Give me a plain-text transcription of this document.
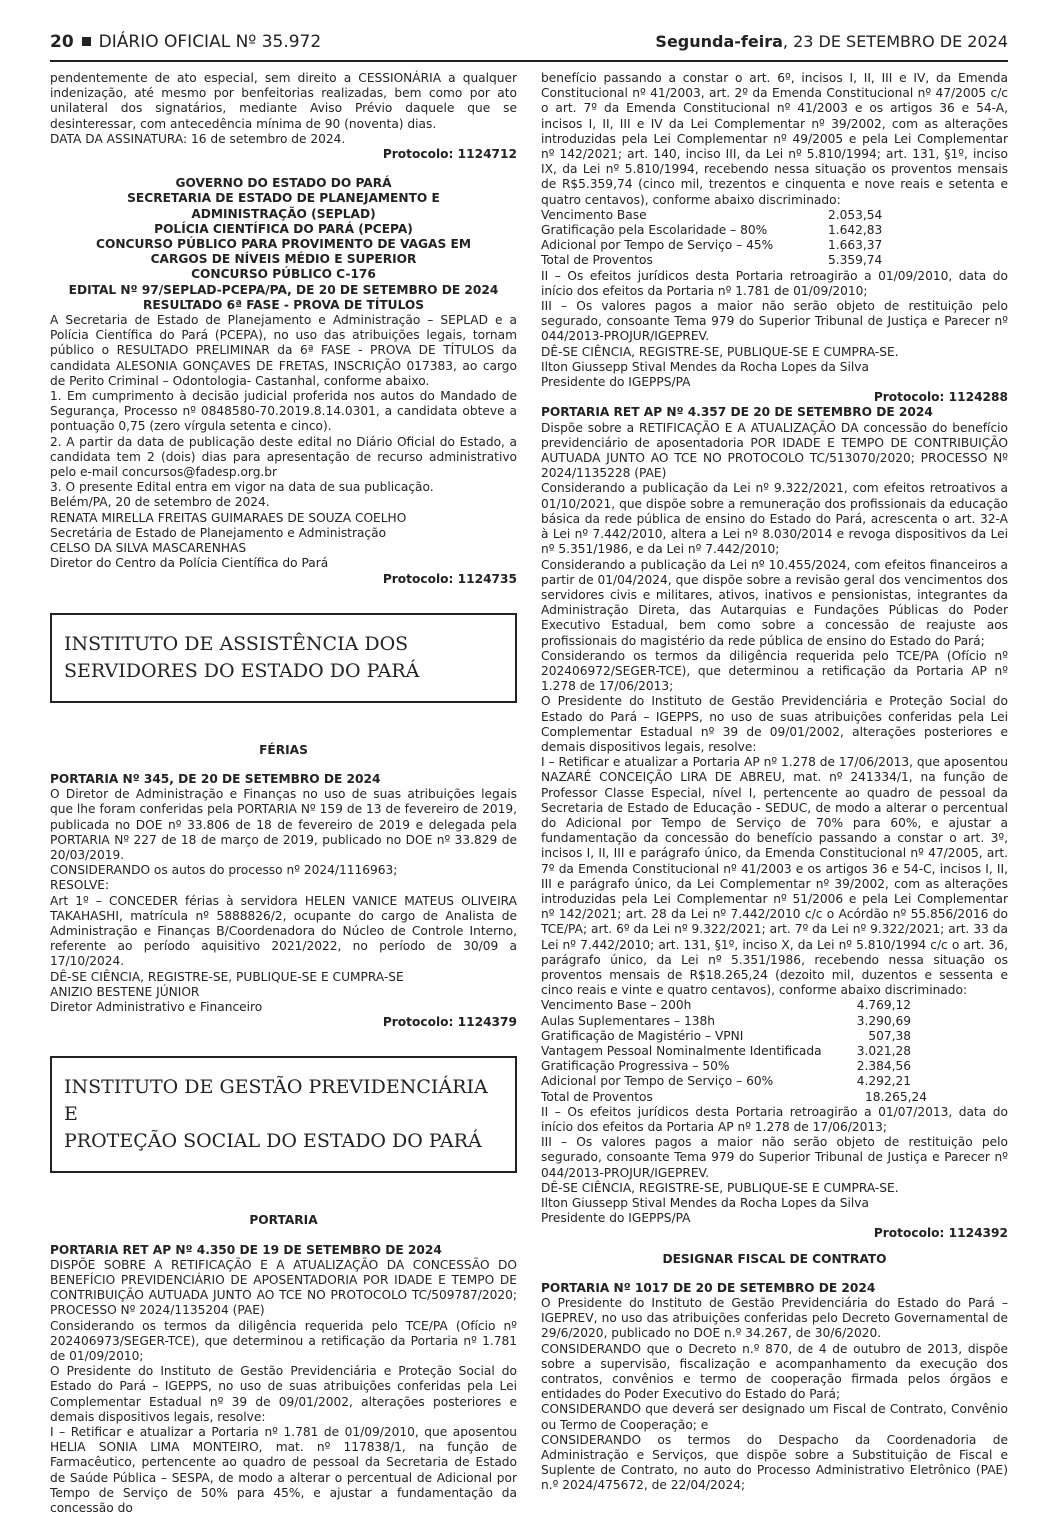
20 DIÁRIO OFICIAL Nº 35.972	Segunda-feira, 23 DE SETEMBRO DE 2024

pendentemente de ato especial, sem direito a CESSIONÁRIA a qualquer indenização, até mesmo por benfeitorias realizadas, bem como por ato unilateral dos signatários, mediante Aviso Prévio daquele que se desinteressar, com antecedência mínima de 90 (noventa) dias.

DATA DA ASSINATURA: 16 de setembro de 2024.

Protocolo: 1124712

GOVERNO DO ESTADO DO PARÁ

SECRETARIA DE ESTADO DE PLANEJAMENTO E ADMINISTRAÇÃO (SEPLAD)

POLÍCIA CIENTÍFICA DO PARÁ (PCEPA)

CONCURSO PÚBLICO PARA PROVIMENTO DE VAGAS EM CARGOS DE NÍVEIS MÉDIO E SUPERIOR

CONCURSO PÚBLICO C-176

EDITAL Nº 97/SEPLAD-PCEPA/PA, DE 20 DE SETEMBRO DE 2024

RESULTADO 6ª FASE - PROVA DE TÍTULOS

A Secretaria de Estado de Planejamento e Administração – SEPLAD e a Polícia Científica do Pará (PCEPA), no uso das atribuições legais, tornam público o RESULTADO PRELIMINAR da 6ª FASE - PROVA DE TÍTULOS da candidata ALESONIA GONÇAVES DE FRETAS, INSCRIÇÃO 017383, ao cargo de Perito Criminal – Odontologia- Castanhal, conforme abaixo.

1. Em cumprimento à decisão judicial proferida nos autos do Mandado de Segurança, Processo nº 0848580-70.2019.8.14.0301, a candidata obteve a pontuação 0,75 (zero vírgula setenta e cinco).

2. A partir da data de publicação deste edital no Diário Oficial do Estado, a candidata tem 2 (dois) dias para apresentação de recurso administrativo pelo e-mail concursos@fadesp.org.br

3. O presente Edital entra em vigor na data de sua publicação.

Belém/PA, 20 de setembro de 2024.

RENATA MIRELLA FREITAS GUIMARAES DE SOUZA COELHO

Secretária de Estado de Planejamento e Administração

CELSO DA SILVA MASCARENHAS

Diretor do Centro da Polícia Científica do Pará

Protocolo: 1124735

INSTITUTO DE ASSISTÊNCIA DOS
SERVIDORES DO ESTADO DO PARÁ

FÉRIAS

PORTARIA Nº 345, DE 20 DE SETEMBRO DE 2024

O Diretor de Administração e Finanças no uso de suas atribuições legais que lhe foram conferidas pela PORTARIA Nº 159 de 13 de fevereiro de 2019, publicada no DOE nº 33.806 de 18 de fevereiro de 2019 e delegada pela PORTARIA Nº 227 de 18 de março de 2019, publicado no DOE nº 33.829 de 20/03/2019.

CONSIDERANDO os autos do processo nº 2024/1116963;

RESOLVE:

Art 1º – CONCEDER férias à servidora HELEN VANICE MATEUS OLIVEIRA TAKAHASHI, matrícula nº 5888826/2, ocupante do cargo de Analista de Administração e Finanças B/Coordenadora do Núcleo de Controle Interno, referente ao período aquisitivo 2021/2022, no período de 30/09 a 17/10/2024.

DÊ-SE CIÊNCIA, REGISTRE-SE, PUBLIQUE-SE E CUMPRA-SE

ANIZIO BESTENE JÚNIOR

Diretor Administrativo e Financeiro

Protocolo: 1124379

INSTITUTO DE GESTÃO PREVIDENCIÁRIA E
PROTEÇÃO SOCIAL DO ESTADO DO PARÁ

PORTARIA

PORTARIA RET AP Nº 4.350 DE 19 DE SETEMBRO DE 2024

DISPÕE SOBRE A RETIFICAÇÃO E A ATUALIZAÇÃO DA CONCESSÃO DO BENEFÍCIO PREVIDENCIÁRIO DE APOSENTADORIA POR IDADE E TEMPO DE CONTRIBUIÇÃO AUTUADA JUNTO AO TCE NO PROTOCOLO TC/509787/2020; PROCESSO Nº 2024/1135204 (PAE)

Considerando os termos da diligência requerida pelo TCE/PA (Ofício nº 202406973/SEGER-TCE), que determinou a retificação da Portaria nº 1.781 de 01/09/2010;

O Presidente do Instituto de Gestão Previdenciária e Proteção Social do Estado do Pará – IGEPPS, no uso de suas atribuições conferidas pela Lei Complementar Estadual nº 39 de 09/01/2002, alterações posteriores e demais dispositivos legais, resolve:

I – Retificar e atualizar a Portaria nº 1.781 de 01/09/2010, que aposentou HELIA SONIA LIMA MONTEIRO, mat. nº 117838/1, na função de Farmacêutico, pertencente ao quadro de pessoal da Secretaria de Estado de Saúde Pública – SESPA, de modo a alterar o percentual de Adicional por Tempo de Serviço de 50% para 45%, e ajustar a fundamentação da concessão do

benefício passando a constar o art. 6º, incisos I, II, III e IV, da Emenda Constitucional nº 41/2003, art. 2º da Emenda Constitucional nº 47/2005 c/c o art. 7º da Emenda Constitucional nº 41/2003 e os artigos 36 e 54-A, incisos I, II, III e IV da Lei Complementar nº 39/2002, com as alterações introduzidas pela Lei Complementar nº 49/2005 e pela Lei Complementar nº 142/2021; art. 140, inciso III, da Lei nº 5.810/1994; art. 131, §1º, inciso IX, da Lei nº 5.810/1994, recebendo nessa situação os proventos mensais de R$5.359,74 (cinco mil, trezentos e cinquenta e nove reais e setenta e quatro centavos), conforme abaixo discriminado:

Vencimento Base	2.053,54
Gratificação pela Escolaridade – 80%	1.642,83
Adicional por Tempo de Serviço – 45%	1.663,37
Total de Proventos	5.359,74

II – Os efeitos jurídicos desta Portaria retroagirão a 01/09/2010, data do início dos efeitos da Portaria nº 1.781 de 01/09/2010;

III – Os valores pagos a maior não serão objeto de restituição pelo segurado, consoante Tema 979 do Superior Tribunal de Justiça e Parecer nº 044/2013-PROJUR/IGEPREV.

DÊ-SE CIÊNCIA, REGISTRE-SE, PUBLIQUE-SE E CUMPRA-SE.

Ilton Giussepp Stival Mendes da Rocha Lopes da Silva

Presidente do IGEPPS/PA

Protocolo: 1124288

PORTARIA RET AP Nº 4.357 DE 20 DE SETEMBRO DE 2024

Dispõe sobre a RETIFICAÇÃO E A ATUALIZAÇÃO DA concessão do benefício previdenciário de aposentadoria POR IDADE E TEMPO DE CONTRIBUIÇÃO AUTUADA JUNTO AO TCE NO PROTOCOLO TC/513070/2020; PROCESSO Nº 2024/1135228 (PAE)

Considerando a publicação da Lei nº 9.322/2021, com efeitos retroativos a 01/10/2021, que dispõe sobre a remuneração dos profissionais da educação básica da rede pública de ensino do Estado do Pará, acrescenta o art. 32-A à Lei nº 7.442/2010, altera a Lei nº 8.030/2014 e revoga dispositivos da Lei nº 5.351/1986, e da Lei nº 7.442/2010;

Considerando a publicação da Lei nº 10.455/2024, com efeitos financeiros a partir de 01/04/2024, que dispõe sobre a revisão geral dos vencimentos dos servidores civis e militares, ativos, inativos e pensionistas, integrantes da Administração Direta, das Autarquias e Fundações Públicas do Poder Executivo Estadual, bem como sobre a concessão de reajuste aos profissionais do magistério da rede pública de ensino do Estado do Pará;

Considerando os termos da diligência requerida pelo TCE/PA (Ofício nº 202406972/SEGER-TCE), que determinou a retificação da Portaria AP nº 1.278 de 17/06/2013;

O Presidente do Instituto de Gestão Previdenciária e Proteção Social do Estado do Pará – IGEPPS, no uso de suas atribuições conferidas pela Lei Complementar Estadual nº 39 de 09/01/2002, alterações posteriores e demais dispositivos legais, resolve:

I – Retificar e atualizar a Portaria AP nº 1.278 de 17/06/2013, que aposentou NAZARÉ CONCEIÇÃO LIRA DE ABREU, mat. nº 241334/1, na função de Professor Classe Especial, nível I, pertencente ao quadro de pessoal da Secretaria de Estado de Educação - SEDUC, de modo a alterar o percentual do Adicional por Tempo de Serviço de 70% para 60%, e ajustar a fundamentação da concessão do benefício passando a constar o art. 3º, incisos I, II, III e parágrafo único, da Emenda Constitucional nº 47/2005, art. 7º da Emenda Constitucional nº 41/2003 e os artigos 36 e 54-C, incisos I, II, III e parágrafo único, da Lei Complementar nº 39/2002, com as alterações introduzidas pela Lei Complementar nº 51/2006 e pela Lei Complementar nº 142/2021; art. 28 da Lei nº 7.442/2010 c/c o Acórdão nº 55.856/2016 do TCE/PA; art. 6º da Lei nº 9.322/2021; art. 7º da Lei nº 9.322/2021; art. 33 da Lei nº 7.442/2010; art. 131, §1º, inciso X, da Lei nº 5.810/1994 c/c o art. 36, parágrafo único, da Lei nº 5.351/1986, recebendo nessa situação os proventos mensais de R$18.265,24 (dezoito mil, duzentos e sessenta e cinco reais e vinte e quatro centavos), conforme abaixo discriminado:

Vencimento Base – 200h	4.769,12
Aulas Suplementares – 138h	3.290,69
Gratificação de Magistério – VPNI	507,38
Vantagem Pessoal Nominalmente Identificada	3.021,28
Gratificação Progressiva – 50%	2.384,56
Adicional por Tempo de Serviço – 60%	4.292,21
Total de Proventos	18.265,24

II – Os efeitos jurídicos desta Portaria retroagirão a 01/07/2013, data do início dos efeitos da Portaria AP nº 1.278 de 17/06/2013;

III – Os valores pagos a maior não serão objeto de restituição pelo segurado, consoante Tema 979 do Superior Tribunal de Justiça e Parecer nº 044/2013-PROJUR/IGEPREV.

DÊ-SE CIÊNCIA, REGISTRE-SE, PUBLIQUE-SE E CUMPRA-SE.

Ilton Giussepp Stival Mendes da Rocha Lopes da Silva

Presidente do IGEPPS/PA

Protocolo: 1124392

DESIGNAR FISCAL DE CONTRATO

PORTARIA Nº 1017 DE 20 DE SETEMBRO DE 2024

O Presidente do Instituto de Gestão Previdenciária do Estado do Pará – IGEPREV, no uso das atribuições conferidas pelo Decreto Governamental de 29/6/2020, publicado no DOE n.º 34.267, de 30/6/2020.

CONSIDERANDO que o Decreto n.º 870, de 4 de outubro de 2013, dispõe sobre a supervisão, fiscalização e acompanhamento da execução dos contratos, convênios e termo de cooperação firmada pelos órgãos e entidades do Poder Executivo do Estado do Pará;

CONSIDERANDO que deverá ser designado um Fiscal de Contrato, Convênio ou Termo de Cooperação; e

CONSIDERANDO os termos do Despacho da Coordenadoria de Administração e Serviços, que dispõe sobre a Substituição de Fiscal e Suplente de Contrato, no auto do Processo Administrativo Eletrônico (PAE) n.º 2024/475672, de 22/04/2024;
